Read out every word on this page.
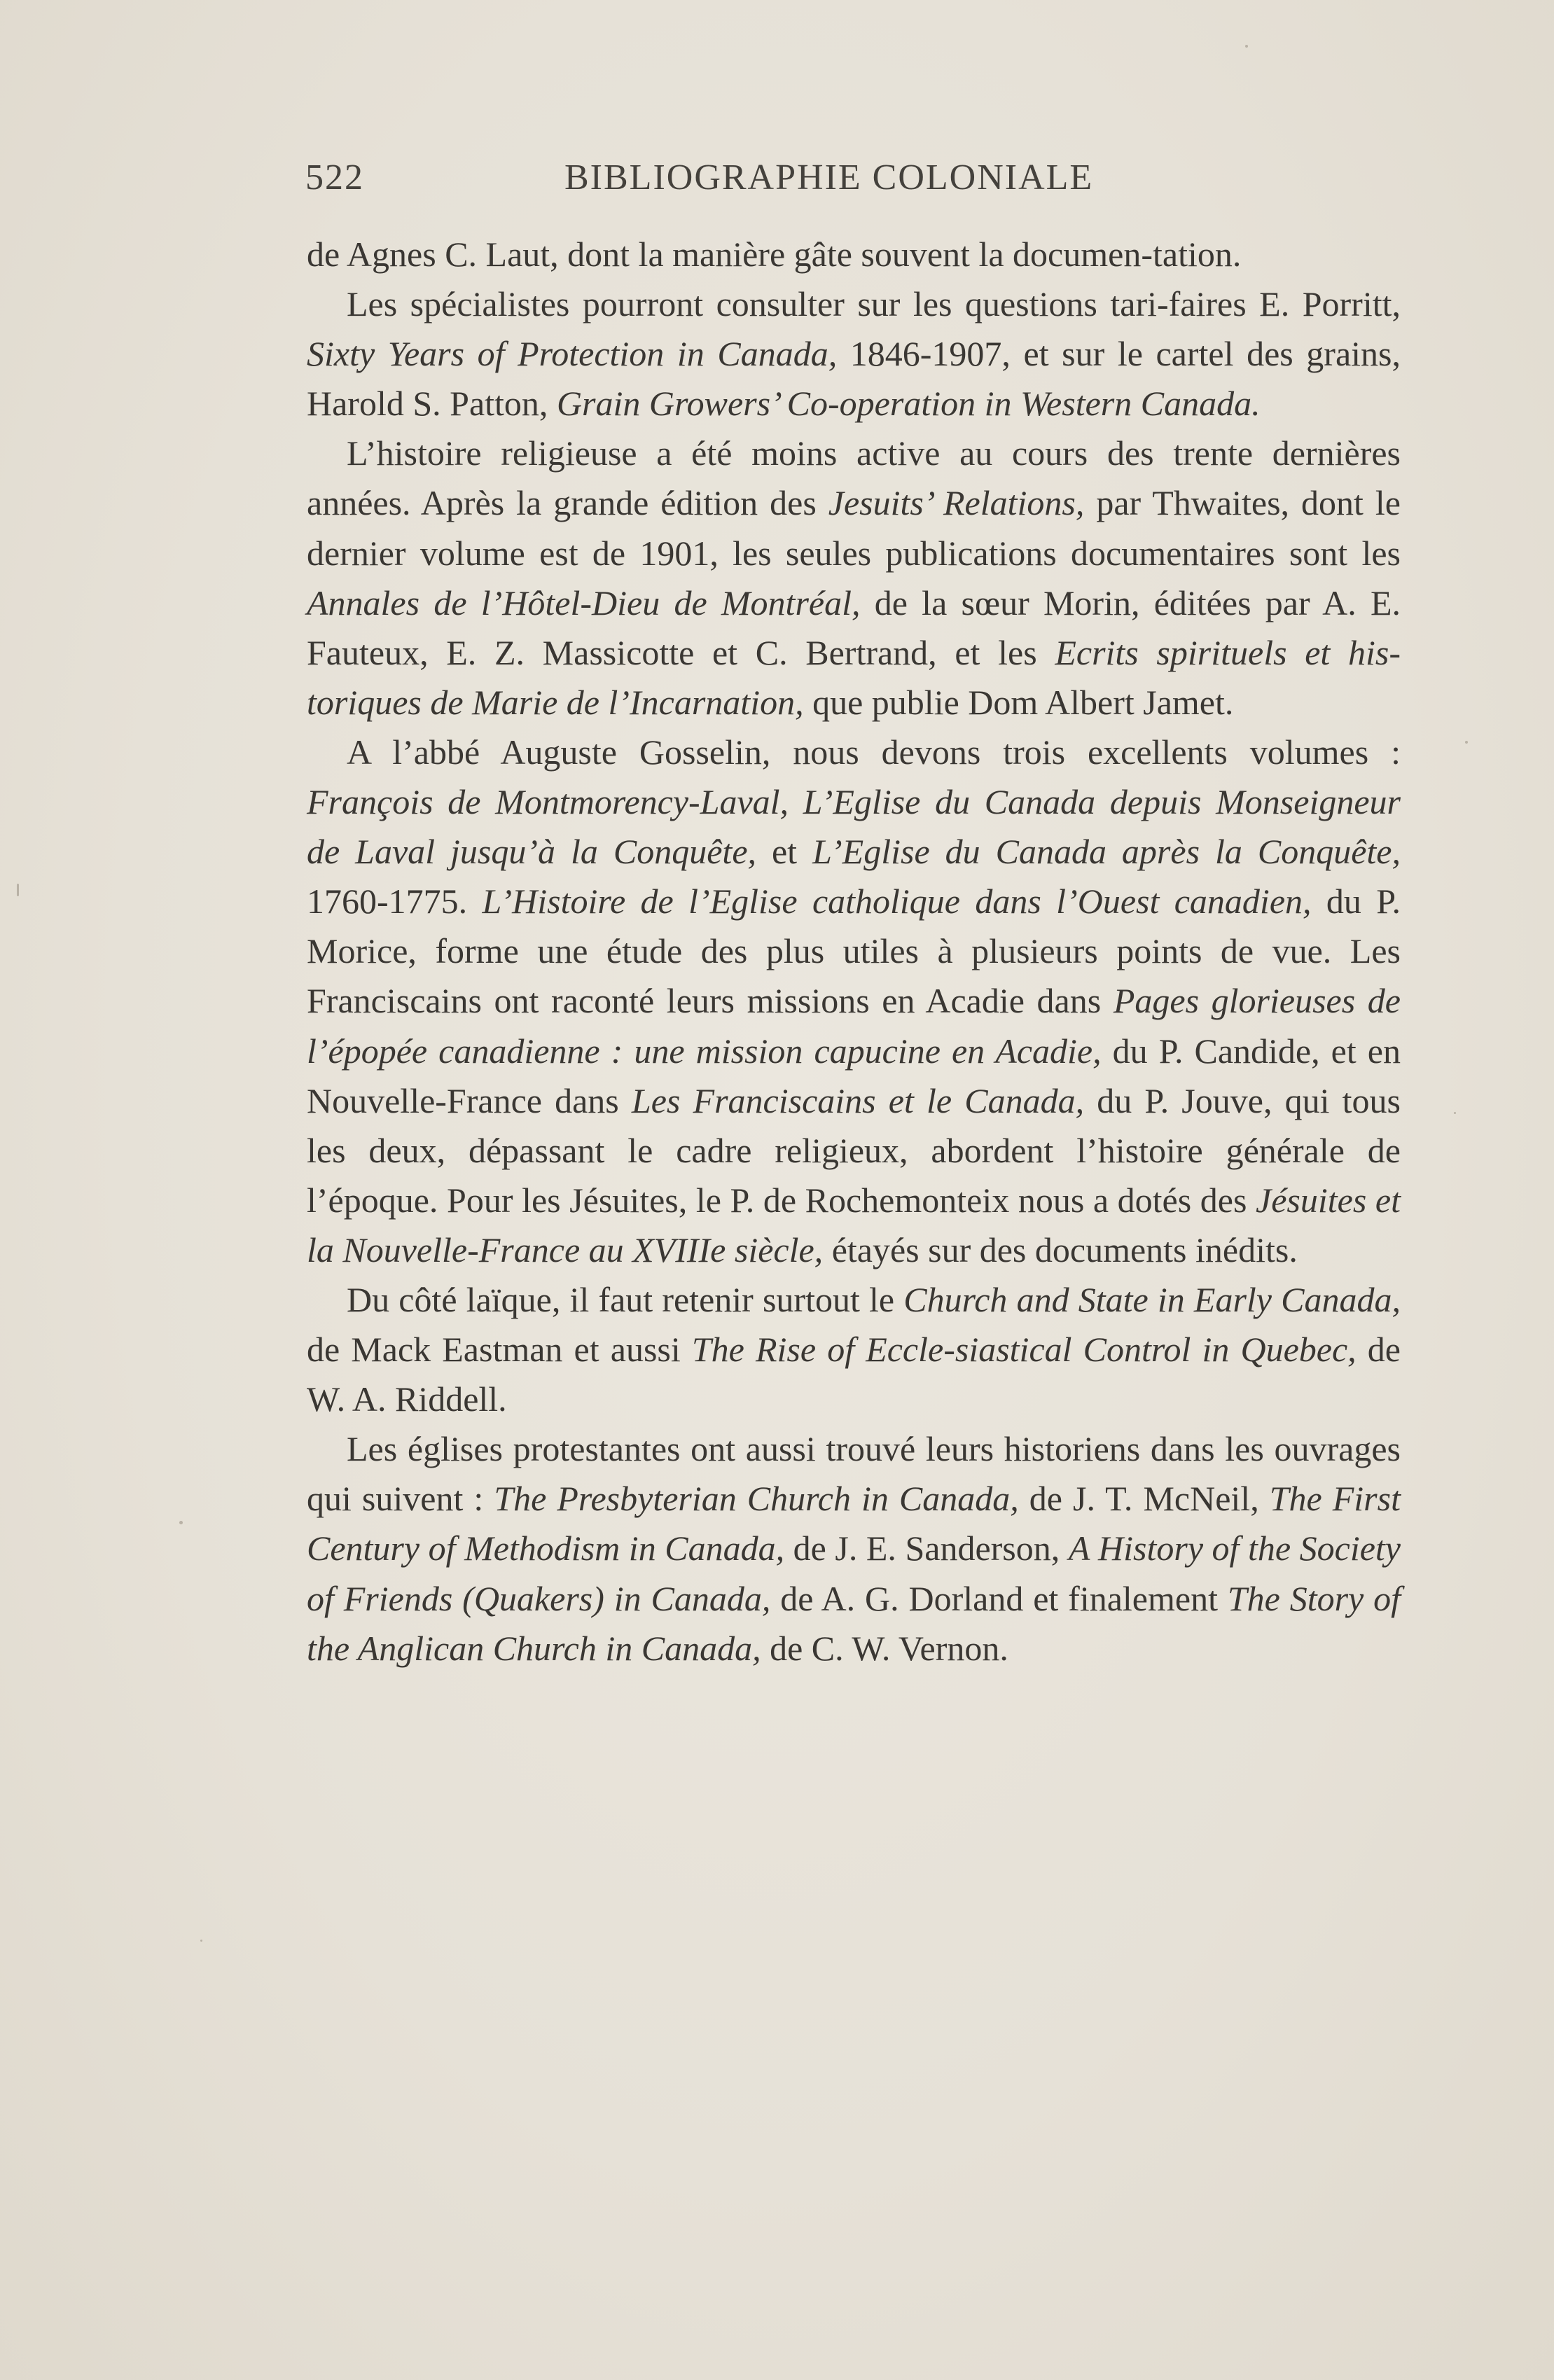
522	BIBLIOGRAPHIE COLONIALE

de Agnes C. Laut, dont la manière gâte souvent la documen-tation.

Les spécialistes pourront consulter sur les questions tari-faires E. Porritt, Sixty Years of Protection in Canada, 1846-1907, et sur le cartel des grains, Harold S. Patton, Grain Growers’ Co-operation in Western Canada.

L’histoire religieuse a été moins active au cours des trente dernières années. Après la grande édition des Jesuits’ Relations, par Thwaites, dont le dernier volume est de 1901, les seules publications documentaires sont les Annales de l’Hôtel-Dieu de Montréal, de la sœur Morin, éditées par A. E. Fauteux, E. Z. Massicotte et C. Bertrand, et les Ecrits spirituels et his-toriques de Marie de l’Incarnation, que publie Dom Albert Jamet.

A l’abbé Auguste Gosselin, nous devons trois excellents volumes : François de Montmorency-Laval, L’Eglise du Canada depuis Monseigneur de Laval jusqu’à la Conquête, et L’Eglise du Canada après la Conquête, 1760-1775. L’Histoire de l’Eglise catholique dans l’Ouest canadien, du P. Morice, forme une étude des plus utiles à plusieurs points de vue. Les Franciscains ont raconté leurs missions en Acadie dans Pages glorieuses de l’épopée canadienne : une mission capucine en Acadie, du P. Candide, et en Nouvelle-France dans Les Franciscains et le Canada, du P. Jouve, qui tous les deux, dépassant le cadre religieux, abordent l’histoire générale de l’époque. Pour les Jésuites, le P. de Rochemonteix nous a dotés des Jésuites et la Nouvelle-France au XVIIIe siècle, étayés sur des documents inédits.

Du côté laïque, il faut retenir surtout le Church and State in Early Canada, de Mack Eastman et aussi The Rise of Eccle-siastical Control in Quebec, de W. A. Riddell.

Les églises protestantes ont aussi trouvé leurs historiens dans les ouvrages qui suivent : The Presbyterian Church in Canada, de J. T. McNeil, The First Century of Methodism in Canada, de J. E. Sanderson, A History of the Society of Friends (Quakers) in Canada, de A. G. Dorland et finalement The Story of the Anglican Church in Canada, de C. W. Vernon.
